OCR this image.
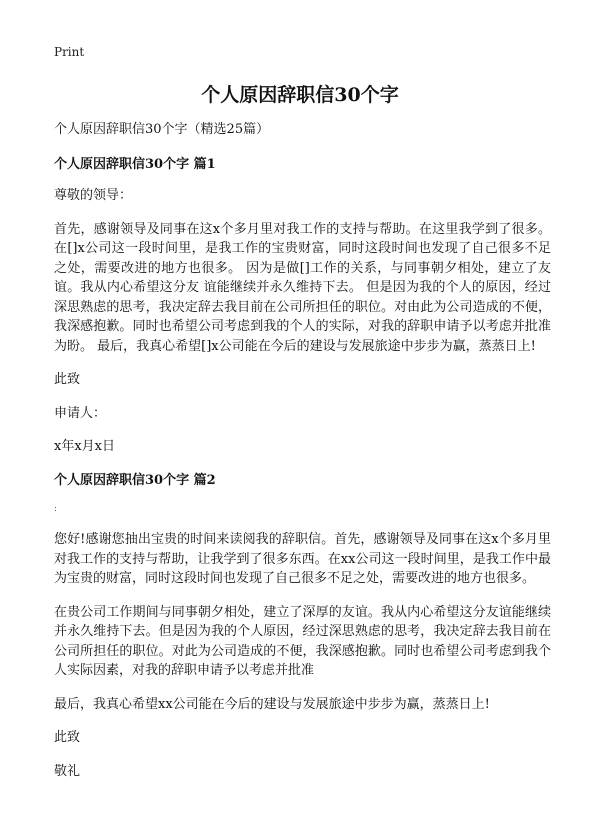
Print
个人原因辞职信30个字

个人原因辞职信30个字（精选25篇）

个人原因辞职信30个字 篇1

尊敬的领导：

首先，感谢领导及同事在这x个多月里对我工作的支持与帮助。在这里我学到了很多。在[]x公司这一段时间里，是我工作的宝贵财富，同时这段时间也发现了自己很多不足之处，需要改进的地方也很多。 因为是做[]工作的关系，与同事朝夕相处，建立了友谊。我从内心希望这分友 谊能继续并永久维持下去。 但是因为我的个人的原因，经过深思熟虑的思考，我决定辞去我目前在公司所担任的职位。对由此为公司造成的不便，我深感抱歉。同时也希望公司考虑到我的个人的实际，对我的辞职申请予以考虑并批准为盼。 最后，我真心希望[]x公司能在今后的建设与发展旅途中步步为赢，蒸蒸日上!

此致

申请人：

x年x月x日

个人原因辞职信30个字 篇2

:

您好!感谢您抽出宝贵的时间来读阅我的辞职信。首先，感谢领导及同事在这x个多月里对我工作的支持与帮助，让我学到了很多东西。在xx公司这一段时间里，是我工作中最为宝贵的财富，同时这段时间也发现了自己很多不足之处，需要改进的地方也很多。

在贵公司工作期间与同事朝夕相处，建立了深厚的友谊。我从内心希望这分友谊能继续并永久维持下去。但是因为我的个人原因，经过深思熟虑的思考，我决定辞去我目前在公司所担任的职位。对此为公司造成的不便，我深感抱歉。同时也希望公司考虑到我个人实际因素，对我的辞职申请予以考虑并批准

最后，我真心希望xx公司能在今后的建设与发展旅途中步步为赢，蒸蒸日上!

此致

敬礼
